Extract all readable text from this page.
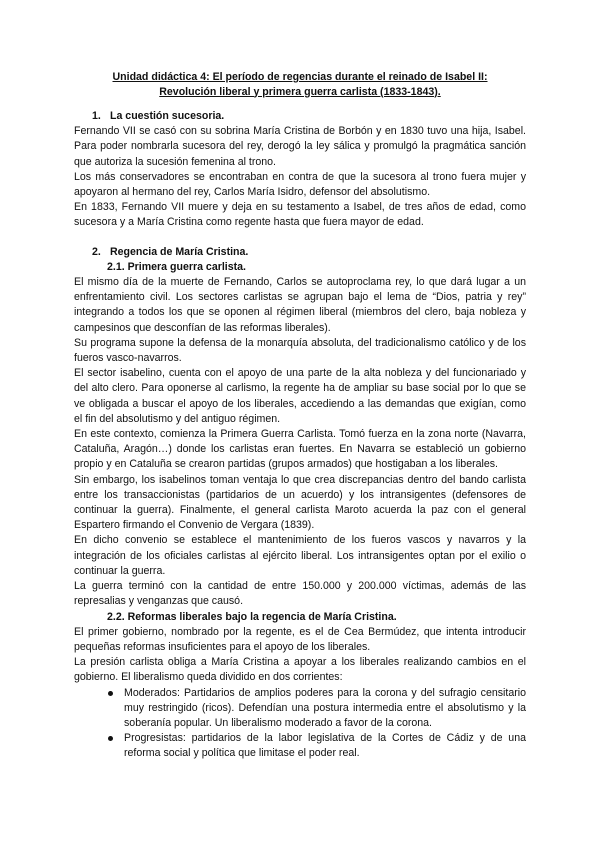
Unidad didáctica 4: El período de regencias durante el reinado de Isabel II:
Revolución liberal y primera guerra carlista (1833-1843).
1. La cuestión sucesoria.

Fernando VII se casó con su sobrina María Cristina de Borbón y en 1830 tuvo una hija, Isabel. Para poder nombrarla sucesora del rey, derogó la ley sálica y promulgó la pragmática sanción que autoriza la sucesión femenina al trono.

Los más conservadores se encontraban en contra de que la sucesora al trono fuera mujer y apoyaron al hermano del rey, Carlos María Isidro, defensor del absolutismo.

En 1833, Fernando VII muere y deja en su testamento a Isabel, de tres años de edad, como sucesora y a María Cristina como regente hasta que fuera mayor de edad.

2. Regencia de María Cristina.
2.1. Primera guerra carlista.

El mismo día de la muerte de Fernando, Carlos se autoproclama rey, lo que dará lugar a un enfrentamiento civil. Los sectores carlistas se agrupan bajo el lema de “Dios, patria y rey” integrando a todos los que se oponen al régimen liberal (miembros del clero, baja nobleza y campesinos que desconfían de las reformas liberales).

Su programa supone la defensa de la monarquía absoluta, del tradicionalismo católico y de los fueros vasco-navarros.

El sector isabelino, cuenta con el apoyo de una parte de la alta nobleza y del funcionariado y del alto clero. Para oponerse al carlismo, la regente ha de ampliar su base social por lo que se ve obligada a buscar el apoyo de los liberales, accediendo a las demandas que exigían, como el fin del absolutismo y del antiguo régimen.

En este contexto, comienza la Primera Guerra Carlista. Tomó fuerza en la zona norte (Navarra, Cataluña, Aragón…) donde los carlistas eran fuertes. En Navarra se estableció un gobierno propio y en Cataluña se crearon partidas (grupos armados) que hostigaban a los liberales.

Sin embargo, los isabelinos toman ventaja lo que crea discrepancias dentro del bando carlista entre los transaccionistas (partidarios de un acuerdo) y los intransigentes (defensores de continuar la guerra). Finalmente, el general carlista Maroto acuerda la paz con el general Espartero firmando el Convenio de Vergara (1839).

En dicho convenio se establece el mantenimiento de los fueros vascos y navarros y la integración de los oficiales carlistas al ejército liberal. Los intransigentes optan por el exilio o continuar la guerra.

La guerra terminó con la cantidad de entre 150.000 y 200.000 víctimas, además de las represalias y venganzas que causó.

2.2. Reformas liberales bajo la regencia de María Cristina.

El primer gobierno, nombrado por la regente, es el de Cea Bermúdez, que intenta introducir pequeñas reformas insuficientes para el apoyo de los liberales.

La presión carlista obliga a María Cristina a apoyar a los liberales realizando cambios en el gobierno. El liberalismo queda dividido en dos corrientes:

Moderados: Partidarios de amplios poderes para la corona y del sufragio censitario muy restringido (ricos). Defendían una postura intermedia entre el absolutismo y la soberanía popular. Un liberalismo moderado a favor de la corona.
Progresistas: partidarios de la labor legislativa de la Cortes de Cádiz y de una reforma social y política que limitase el poder real.
